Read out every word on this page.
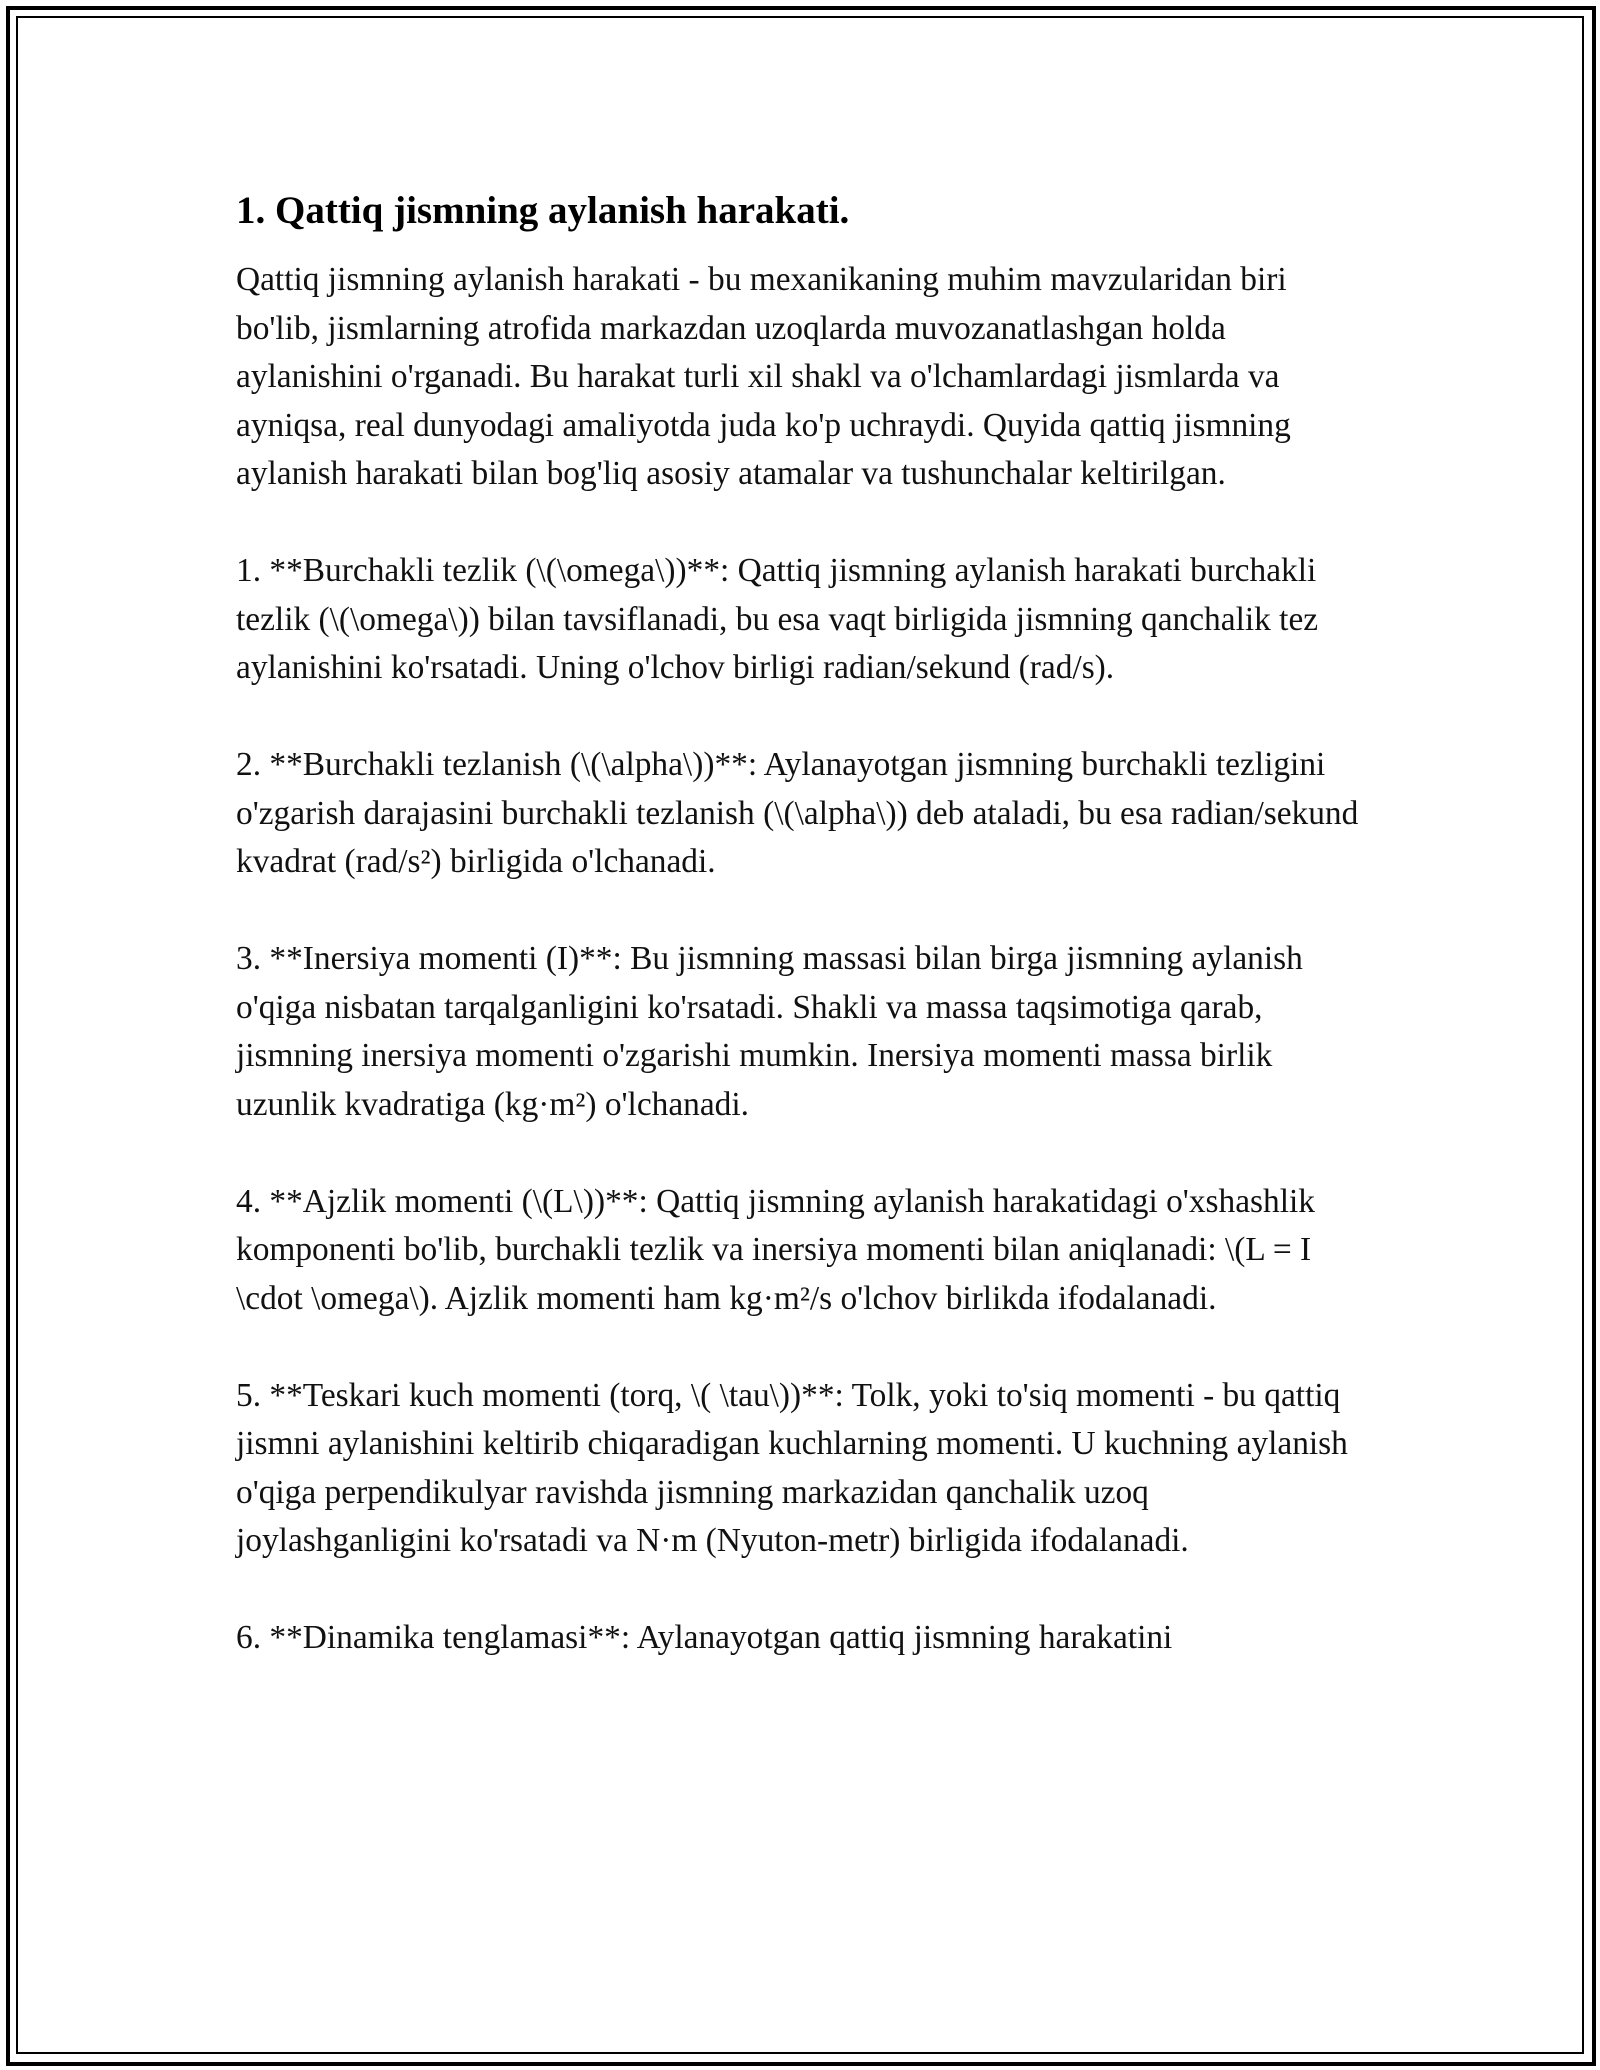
1. Qattiq jismning aylanish harakati.

Qattiq jismning aylanish harakati - bu mexanikaning muhim mavzularidan biri bo'lib, jismlarning atrofida markazdan uzoqlarda muvozanatlashgan holda aylanishini o'rganadi. Bu harakat turli xil shakl va o'lchamlardagi jismlarda va ayniqsa, real dunyodagi amaliyotda juda ko'p uchraydi. Quyida qattiq jismning aylanish harakati bilan bog'liq asosiy atamalar va tushunchalar keltirilgan.

1. **Burchakli tezlik (\(\omega\))**: Qattiq jismning aylanish harakati burchakli tezlik (\(\omega\)) bilan tavsiflanadi, bu esa vaqt birligida jismning qanchalik tez aylanishini ko'rsatadi. Uning o'lchov birligi radian/sekund (rad/s).

2. **Burchakli tezlanish (\(\alpha\))**: Aylanayotgan jismning burchakli tezligini o'zgarish darajasini burchakli tezlanish (\(\alpha\)) deb ataladi, bu esa radian/sekund kvadrat (rad/s²) birligida o'lchanadi.

3. **Inersiya momenti (I)**: Bu jismning massasi bilan birga jismning aylanish o'qiga nisbatan tarqalganligini ko'rsatadi. Shakli va massa taqsimotiga qarab, jismning inersiya momenti o'zgarishi mumkin. Inersiya momenti massa birlik uzunlik kvadratiga (kg·m²) o'lchanadi.

4. **Ajzlik momenti (\(L\))**: Qattiq jismning aylanish harakatidagi o'xshashlik komponenti bo'lib, burchakli tezlik va inersiya momenti bilan aniqlanadi: \(L = I \cdot \omega\). Ajzlik momenti ham kg·m²/s o'lchov birlikda ifodalanadi.

5. **Teskari kuch momenti (torq, \( \tau\))**: Tolk, yoki to'siq momenti - bu qattiq jismni aylanishini keltirib chiqaradigan kuchlarning momenti. U kuchning aylanish o'qiga perpendikulyar ravishda jismning markazidan qanchalik uzoq joylashganligini ko'rsatadi va N·m (Nyuton-metr) birligida ifodalanadi.

6. **Dinamika tenglamasi**: Aylanayotgan qattiq jismning harakatini
